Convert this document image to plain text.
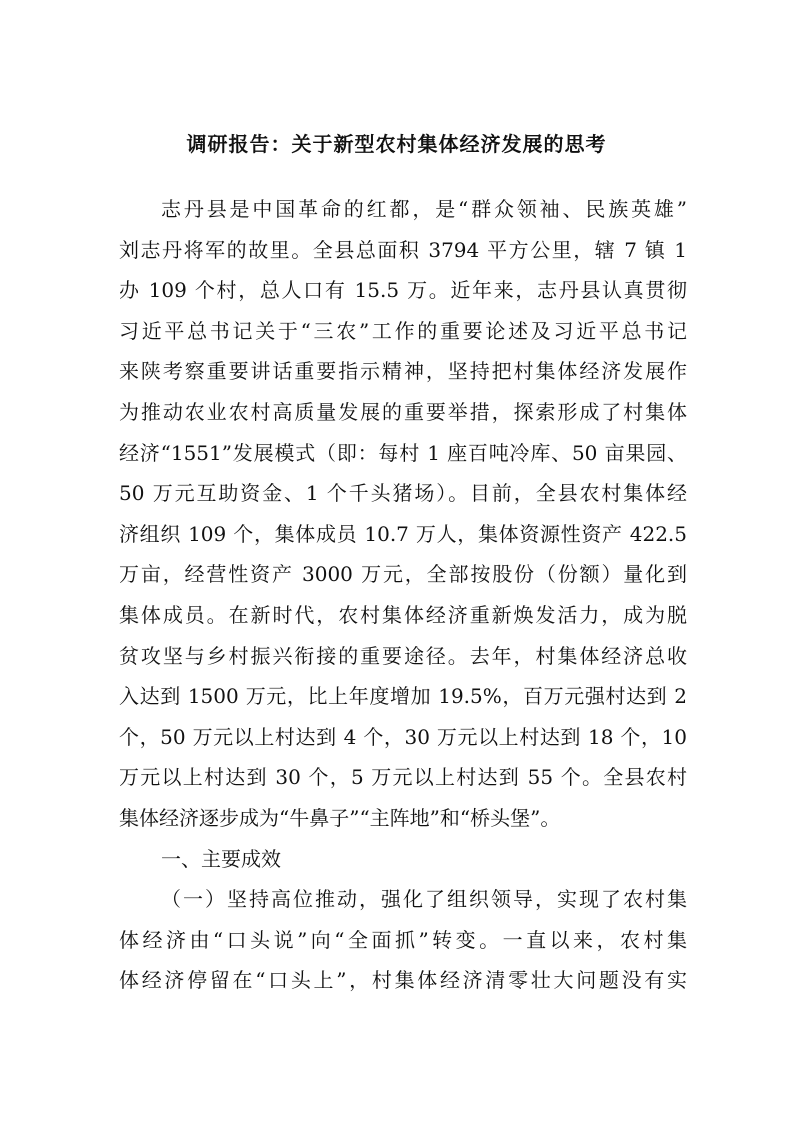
调研报告：关于新型农村集体经济发展的思考
志丹县是中国革命的红都，是“群众领袖、民族英雄”
刘志丹将军的故里。全县总面积 3794 平方公里，辖 7 镇 1
办 109 个村，总人口有 15.5 万。近年来，志丹县认真贯彻
习近平总书记关于“三农”工作的重要论述及习近平总书记
来陕考察重要讲话重要指示精神，坚持把村集体经济发展作
为推动农业农村高质量发展的重要举措，探索形成了村集体
经济“1551”发展模式（即：每村 1 座百吨冷库、50 亩果园、
50 万元互助资金、1 个千头猪场）。目前，全县农村集体经
济组织 109 个，集体成员 10.7 万人，集体资源性资产 422.5
万亩，经营性资产 3000 万元，全部按股份（份额）量化到
集体成员。在新时代，农村集体经济重新焕发活力，成为脱
贫攻坚与乡村振兴衔接的重要途径。去年，村集体经济总收
入达到 1500 万元，比上年度增加 19.5%，百万元强村达到 2
个，50 万元以上村达到 4 个，30 万元以上村达到 18 个，10
万元以上村达到 30 个，5 万元以上村达到 55 个。全县农村
集体经济逐步成为“牛鼻子”“主阵地”和“桥头堡”。
一、主要成效
（一）坚持高位推动，强化了组织领导，实现了农村集
体经济由“口头说”向“全面抓”转变。一直以来，农村集
体经济停留在“口头上”，村集体经济清零壮大问题没有实
